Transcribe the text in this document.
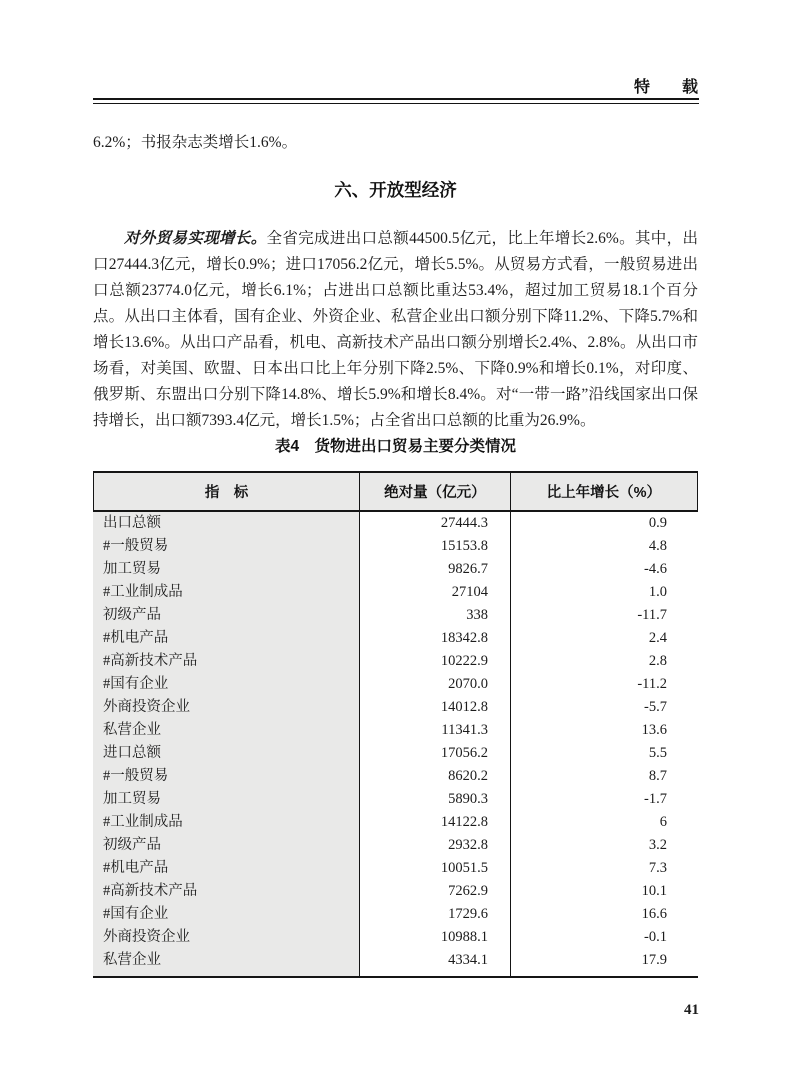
特　　载

6.2%；书报杂志类增长1.6%。

六、开放型经济

对外贸易实现增长。全省完成进出口总额44500.5亿元，比上年增长2.6%。其中，出口27444.3亿元，增长0.9%；进口17056.2亿元，增长5.5%。从贸易方式看，一般贸易进出口总额23774.0亿元，增长6.1%；占进出口总额比重达53.4%，超过加工贸易18.1个百分点。从出口主体看，国有企业、外资企业、私营企业出口额分别下降11.2%、下降5.7%和增长13.6%。从出口产品看，机电、高新技术产品出口额分别增长2.4%、2.8%。从出口市场看，对美国、欧盟、日本出口比上年分别下降2.5%、下降0.9%和增长0.1%，对印度、俄罗斯、东盟出口分别下降14.8%、增长5.9%和增长8.4%。对“一带一路”沿线国家出口保持增长，出口额7393.4亿元，增长1.5%；占全省出口总额的比重为26.9%。

表4　货物进出口贸易主要分类情况
指　标	绝对量（亿元）	比上年增长（%）
出口总额	27444.3	0.9
#一般贸易	15153.8	4.8
加工贸易	9826.7	-4.6
#工业制成品	27104	1.0
初级产品	338	-11.7
#机电产品	18342.8	2.4
#高新技术产品	10222.9	2.8
#国有企业	2070.0	-11.2
外商投资企业	14012.8	-5.7
私营企业	11341.3	13.6
进口总额	17056.2	5.5
#一般贸易	8620.2	8.7
加工贸易	5890.3	-1.7
#工业制成品	14122.8	6
初级产品	2932.8	3.2
#机电产品	10051.5	7.3
#高新技术产品	7262.9	10.1
#国有企业	1729.6	16.6
外商投资企业	10988.1	-0.1
私营企业	4334.1	17.9
41
